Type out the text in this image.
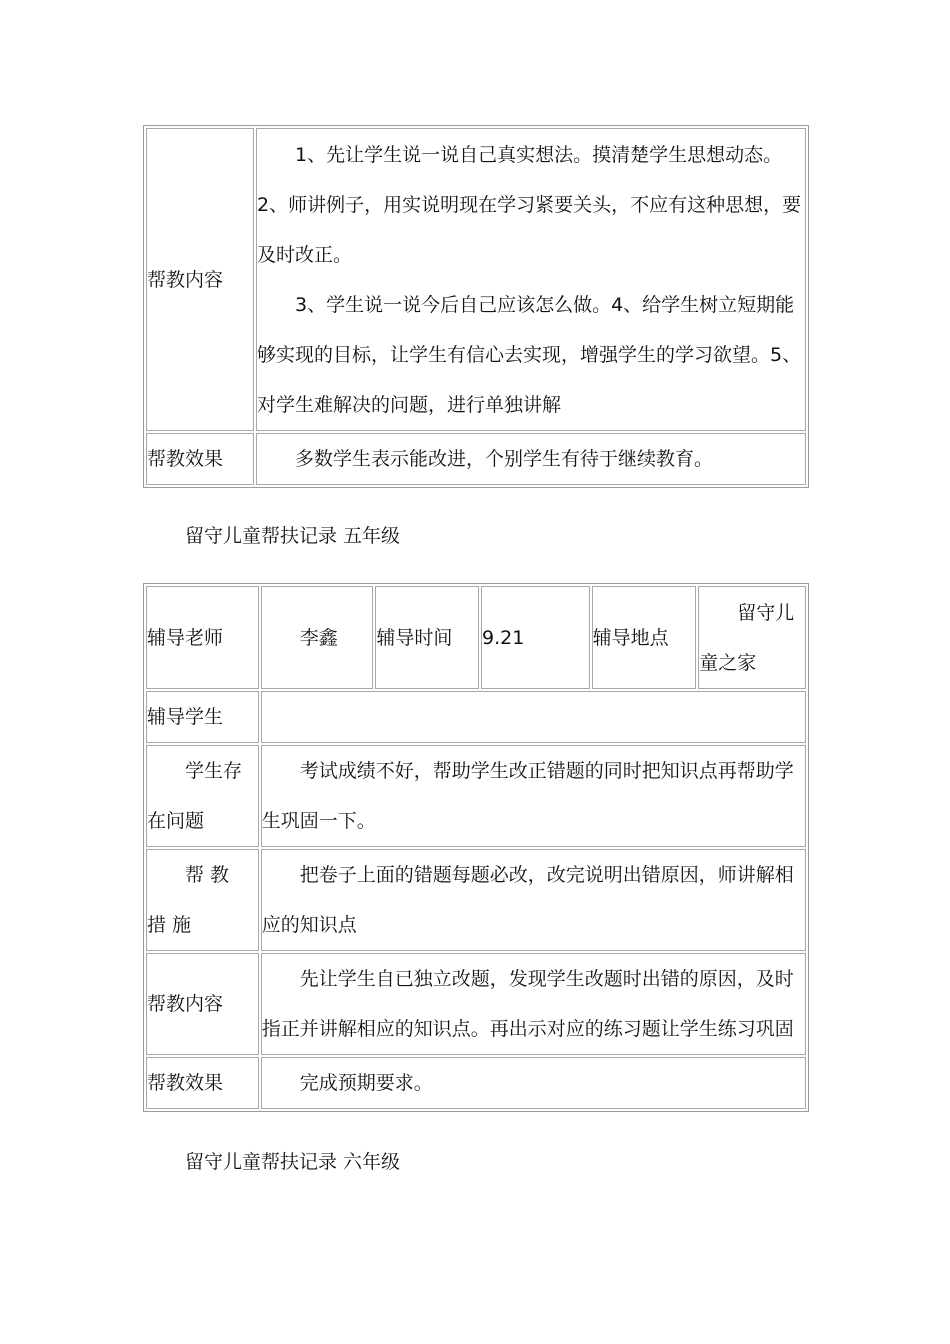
帮教内容	1、先让学生说一说自己真实想法。摸清楚学生思想动态。2、师讲例子，用实说明现在学习紧要关头，不应有这种思想，要及时改正。

3、学生说一说今后自己应该怎么做。4、给学生树立短期能够实现的目标，让学生有信心去实现，增强学生的学习欲望。5、对学生难解决的问题，进行单独讲解

帮教效果	多数学生表示能改进，个别学生有待于继续教育。

留守儿童帮扶记录 五年级

辅导老师	李鑫	辅导时间	9.21	辅导地点	留守儿童之家
辅导学生					
学生存在问题	考试成绩不好，帮助学生改正错题的同时把知识点再帮助学生巩固一下。				
帮 教 措 施	把卷子上面的错题每题必改，改完说明出错原因，师讲解相应的知识点				
帮教内容	先让学生自已独立改题，发现学生改题时出错的原因，及时指正并讲解相应的知识点。再出示对应的练习题让学生练习巩固				
帮教效果	完成预期要求。				

留守儿童帮扶记录 六年级
